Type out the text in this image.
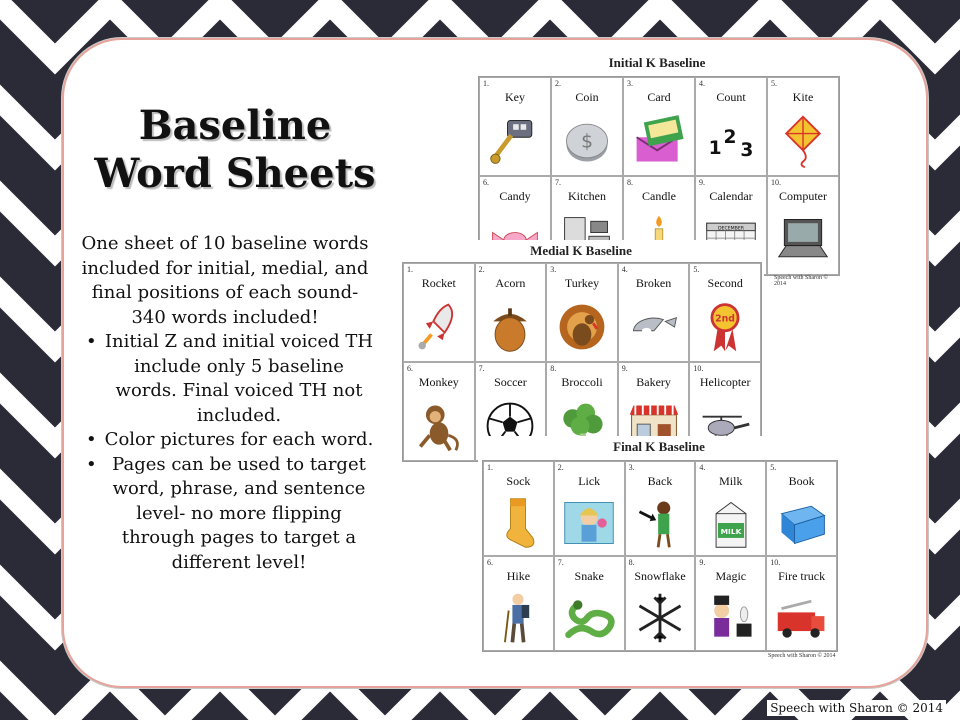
Baseline
Word Sheets

One sheet of 10 baseline words included for initial, medial, and final positions of each sound- 340 words included!

• Initial Z and initial voiced TH include only 5 baseline words. Final voiced TH not included.
• Color pictures for each word.
• Pages can be used to target word, phrase, and sentence level- no more flipping through pages to target a different level!
Initial K Baseline
1.
Key
2.
Coin
$
3.
Card
4.
Count
1
2
3
5.
Kite
6.
Candy
7.
Kitchen
8.
Candle
9.
Calendar
DECEMBER
10.
Computer
Speech with Sharon © 2014
Medial K Baseline
1.
Rocket
2.
Acorn
3.
Turkey
4.
Broken
5.
Second
2nd
6.
Monkey
7.
Soccer
8.
Broccoli
9.
Bakery
10.
Helicopter
Final K Baseline
1.
Sock
2.
Lick
3.
Back
4.
Milk
MILK
5.
Book
6.
Hike
7.
Snake
8.
Snowflake
9.
Magic
10.
Fire truck
Speech with Sharon © 2014
Speech with Sharon © 2014
